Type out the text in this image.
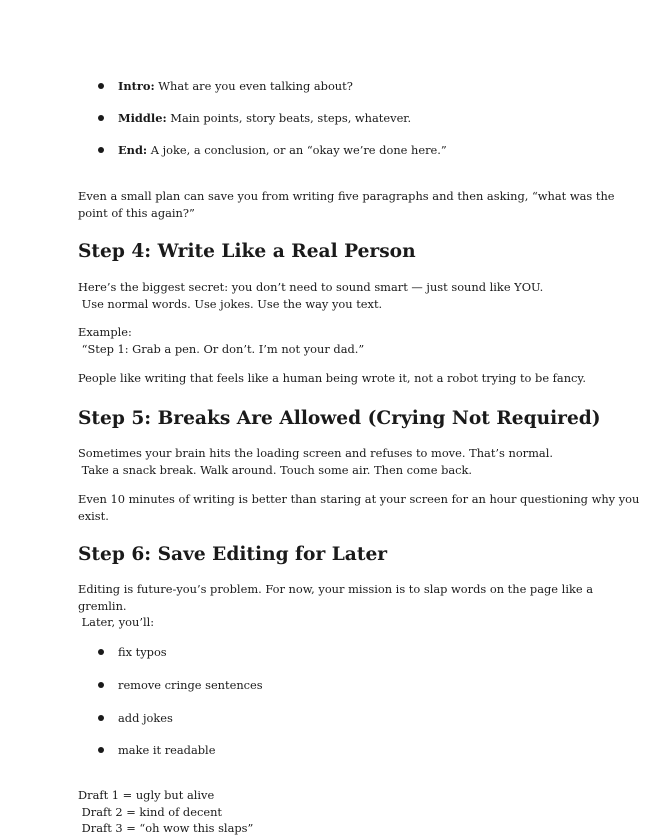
Intro: What are you even talking about?
Middle: Main points, story beats, steps, whatever.
End: A joke, a conclusion, or an “okay we’re done here.”

Even a small plan can save you from writing five paragraphs and then asking, “what was the
point of this again?”

Step 4: Write Like a Real Person

Here’s the biggest secret: you don’t need to sound smart — just sound like YOU.
Use normal words. Use jokes. Use the way you text.

Example:
“Step 1: Grab a pen. Or don’t. I’m not your dad.”

People like writing that feels like a human being wrote it, not a robot trying to be fancy.

Step 5: Breaks Are Allowed (Crying Not Required)

Sometimes your brain hits the loading screen and refuses to move. That’s normal.
Take a snack break. Walk around. Touch some air. Then come back.

Even 10 minutes of writing is better than staring at your screen for an hour questioning why you
exist.

Step 6: Save Editing for Later

Editing is future-you’s problem. For now, your mission is to slap words on the page like a
gremlin.
Later, you’ll:

fix typos
remove cringe sentences
add jokes
make it readable

Draft 1 = ugly but alive
Draft 2 = kind of decent
Draft 3 = “oh wow this slaps”
